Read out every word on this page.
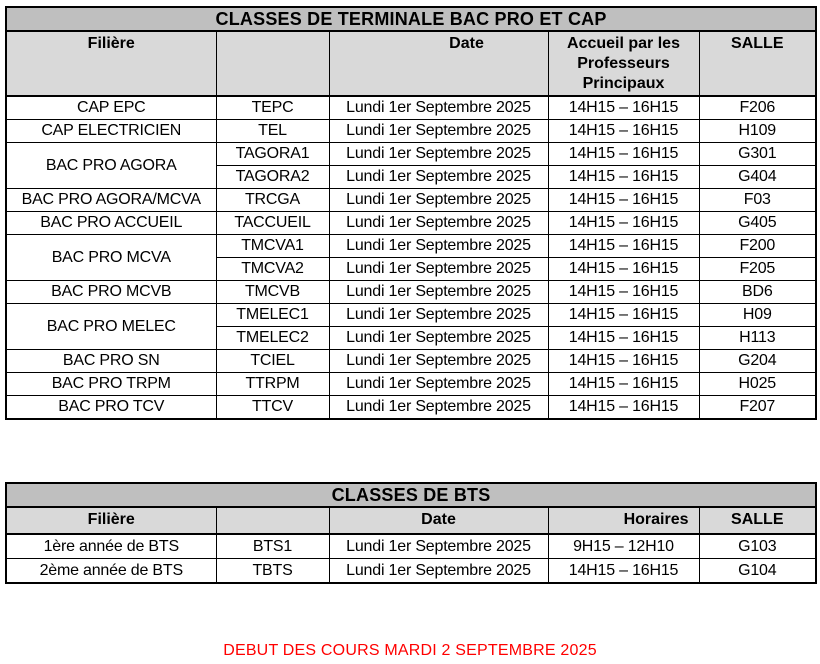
CLASSES DE TERMINALE BAC PRO ET CAP				
Filière		Date	Accueil par les Professeurs Principaux	SALLE
CAP EPC	TEPC	Lundi 1er Septembre 2025	14H15 – 16H15	F206
CAP ELECTRICIEN	TEL	Lundi 1er Septembre 2025	14H15 – 16H15	H109
BAC PRO AGORA	TAGORA1	Lundi 1er Septembre 2025	14H15 – 16H15	G301
	TAGORA2	Lundi 1er Septembre 2025	14H15 – 16H15	G404
BAC PRO AGORA/MCVA	TRCGA	Lundi 1er Septembre 2025	14H15 – 16H15	F03
BAC PRO ACCUEIL	TACCUEIL	Lundi 1er Septembre 2025	14H15 – 16H15	G405
BAC PRO MCVA	TMCVA1	Lundi 1er Septembre 2025	14H15 – 16H15	F200
	TMCVA2	Lundi 1er Septembre 2025	14H15 – 16H15	F205
BAC PRO MCVB	TMCVB	Lundi 1er Septembre 2025	14H15 – 16H15	BD6
BAC PRO MELEC	TMELEC1	Lundi 1er Septembre 2025	14H15 – 16H15	H09
	TMELEC2	Lundi 1er Septembre 2025	14H15 – 16H15	H113
BAC PRO SN	TCIEL	Lundi 1er Septembre 2025	14H15 – 16H15	G204
BAC PRO TRPM	TTRPM	Lundi 1er Septembre 2025	14H15 – 16H15	H025
BAC PRO TCV	TTCV	Lundi 1er Septembre 2025	14H15 – 16H15	F207
CLASSES DE BTS				
Filière		Date	Horaires	SALLE
1ère année de BTS	BTS1	Lundi 1er Septembre 2025	9H15 – 12H10	G103
2ème année de BTS	TBTS	Lundi 1er Septembre 2025	14H15 – 16H15	G104
DEBUT DES COURS MARDI 2 SEPTEMBRE 2025
